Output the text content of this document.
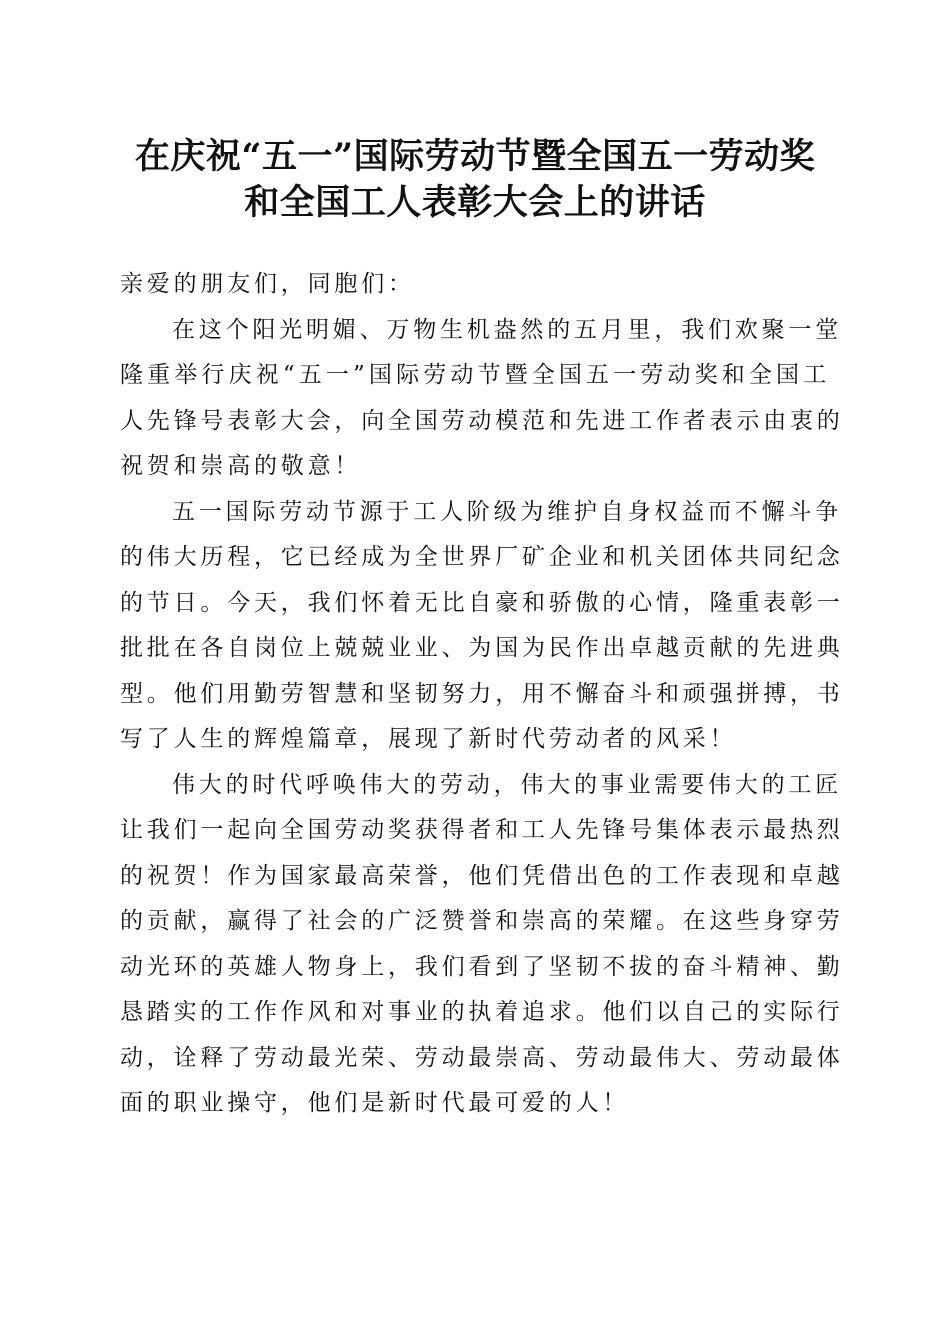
在庆祝“五一”国际劳动节暨全国五一劳动奖
和全国工人表彰大会上的讲话
亲爱的朋友们，同胞们：
在这个阳光明媚、万物生机盎然的五月里，我们欢聚一堂
隆重举行庆祝“五一”国际劳动节暨全国五一劳动奖和全国工
人先锋号表彰大会，向全国劳动模范和先进工作者表示由衷的
祝贺和崇高的敬意！
五一国际劳动节源于工人阶级为维护自身权益而不懈斗争
的伟大历程，它已经成为全世界厂矿企业和机关团体共同纪念
的节日。今天，我们怀着无比自豪和骄傲的心情，隆重表彰一
批批在各自岗位上兢兢业业、为国为民作出卓越贡献的先进典
型。他们用勤劳智慧和坚韧努力，用不懈奋斗和顽强拼搏，书
写了人生的辉煌篇章，展现了新时代劳动者的风采！
伟大的时代呼唤伟大的劳动，伟大的事业需要伟大的工匠
让我们一起向全国劳动奖获得者和工人先锋号集体表示最热烈
的祝贺！作为国家最高荣誉，他们凭借出色的工作表现和卓越
的贡献，赢得了社会的广泛赞誉和崇高的荣耀。在这些身穿劳
动光环的英雄人物身上，我们看到了坚韧不拔的奋斗精神、勤
恳踏实的工作作风和对事业的执着追求。他们以自己的实际行
动，诠释了劳动最光荣、劳动最崇高、劳动最伟大、劳动最体
面的职业操守，他们是新时代最可爱的人！
